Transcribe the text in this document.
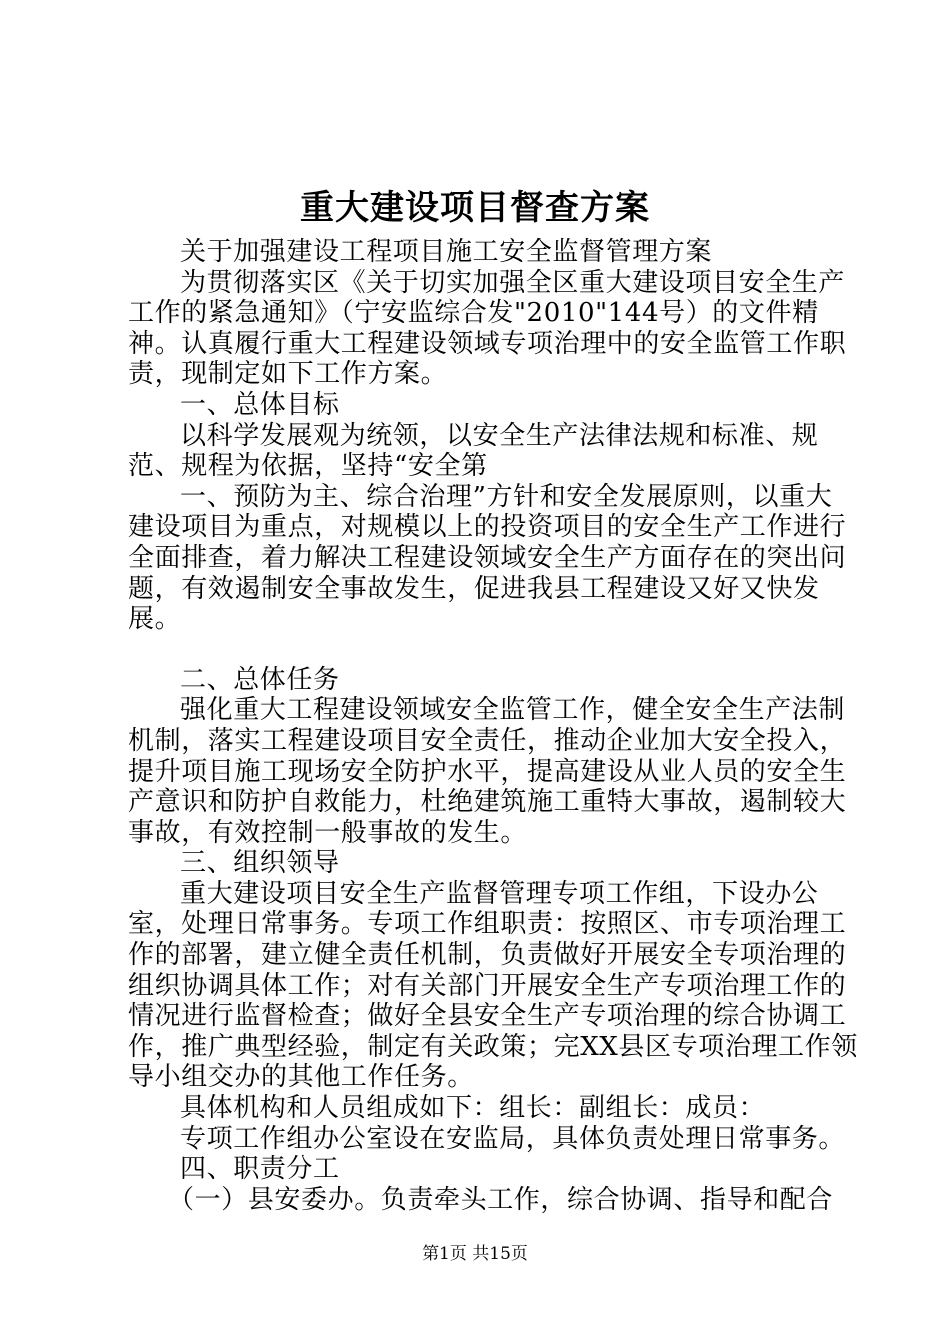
重大建设项目督查方案

关于加强建设工程项目施工安全监督管理方案

为贯彻落实区《关于切实加强全区重大建设项目安全生产工作的紧急通知》（宁安监综合发"2010"144号）的文件精神。认真履行重大工程建设领域专项治理中的安全监管工作职责，现制定如下工作方案。

一、总体目标

以科学发展观为统领，以安全生产法律法规和标准、规范、规程为依据，坚持“安全第

一、预防为主、综合治理”方针和安全发展原则，以重大建设项目为重点，对规模以上的投资项目的安全生产工作进行全面排查，着力解决工程建设领域安全生产方面存在的突出问题，有效遏制安全事故发生，促进我县工程建设又好又快发展。

二、总体任务

强化重大工程建设领域安全监管工作，健全安全生产法制机制，落实工程建设项目安全责任，推动企业加大安全投入，提升项目施工现场安全防护水平，提高建设从业人员的安全生产意识和防护自救能力，杜绝建筑施工重特大事故，遏制较大事故，有效控制一般事故的发生。

三、组织领导

重大建设项目安全生产监督管理专项工作组，下设办公室，处理日常事务。专项工作组职责：按照区、市专项治理工作的部署，建立健全责任机制，负责做好开展安全专项治理的组织协调具体工作；对有关部门开展安全生产专项治理工作的情况进行监督检查；做好全县安全生产专项治理的综合协调工作，推广典型经验，制定有关政策；完XX县区专项治理工作领导小组交办的其他工作任务。

具体机构和人员组成如下：组长：副组长：成员：

专项工作组办公室设在安监局，具体负责处理日常事务。

四、职责分工

（一）县安委办。负责牵头工作，综合协调、指导和配合

第1页 共15页
